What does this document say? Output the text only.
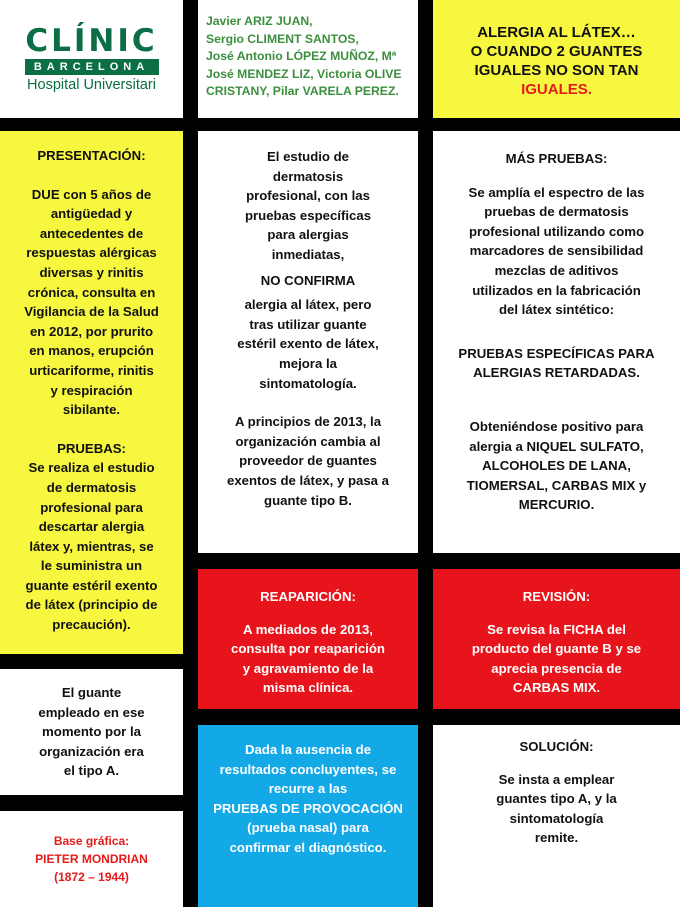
CLÍNIC
BARCELONA
Hospital Universitari
Javier ARIZ JUAN,
Sergio CLIMENT SANTOS,
José Antonio LÓPEZ MUÑOZ, Mª
José MENDEZ LIZ, Victoria OLIVE
CRISTANY, Pilar VARELA PEREZ.
ALERGIA AL LÁTEX…
O CUANDO 2 GUANTES
IGUALES NO SON TAN
IGUALES.
PRESENTACIÓN:
DUE con 5 años de
antigüedad y
antecedentes de
respuestas alérgicas
diversas y rinitis
crónica, consulta en
Vigilancia de la Salud
en 2012, por prurito
en manos, erupción
urticariforme, rinitis
y respiración
sibilante.
PRUEBAS:
Se realiza el estudio
de dermatosis
profesional para
descartar alergia
látex y, mientras, se
le suministra un
guante estéril exento
de látex (principio de
precaución).
El estudio de
dermatosis
profesional, con las
pruebas específicas
para alergias
inmediatas,
NO CONFIRMA
alergia al látex, pero
tras utilizar guante
estéril exento de látex,
mejora la
sintomatología.
A principios de 2013, la
organización cambia al
proveedor de guantes
exentos de látex, y pasa a
guante tipo B.
MÁS PRUEBAS:
Se amplía el espectro de las
pruebas de dermatosis
profesional utilizando como
marcadores de sensibilidad
mezclas de aditivos
utilizados en la fabricación
del látex sintético:
PRUEBAS ESPECÍFICAS PARA
ALERGIAS RETARDADAS.
Obteniéndose positivo para
alergia a NIQUEL SULFATO,
ALCOHOLES DE LANA,
TIOMERSAL, CARBAS MIX y
MERCURIO.
El guante
empleado en ese
momento por la
organización era
el tipo A.
Base gráfica:
PIETER MONDRIAN
(1872 – 1944)
REAPARICIÓN:
A mediados de 2013,
consulta por reaparición
y agravamiento de la
misma clínica.
REVISIÓN:
Se revisa la FICHA del
producto del guante B y se
aprecia presencia de
CARBAS MIX.
Dada la ausencia de
resultados concluyentes, se
recurre a las
PRUEBAS DE PROVOCACIÓN
(prueba nasal) para
confirmar el diagnóstico.
SOLUCIÓN:
Se insta a emplear
guantes tipo A, y la
sintomatología
remite.
